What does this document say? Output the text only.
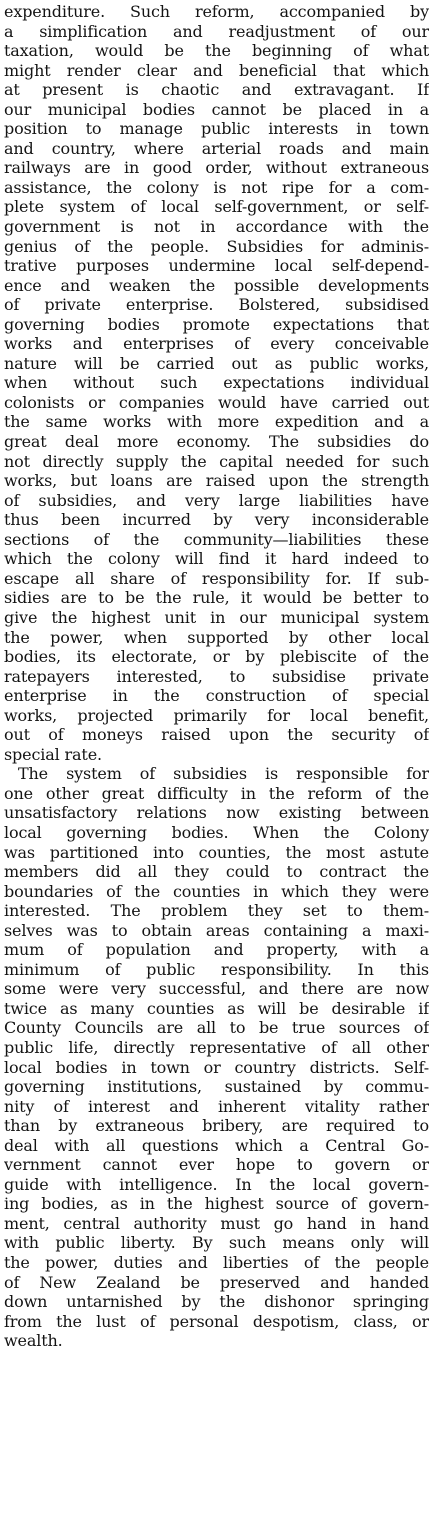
expenditure. Such reform, accompanied by
a simplification and readjustment of our
taxation, would be the beginning of what
might render clear and beneficial that which
at present is chaotic and extravagant. If
our municipal bodies cannot be placed in a
position to manage public interests in town
and country, where arterial roads and main
railways are in good order, without extraneous
assistance, the colony is not ripe for a com-
plete system of local self-government, or self-
government is not in accordance with the
genius of the people. Subsidies for adminis-
trative purposes undermine local self-depend-
ence and weaken the possible developments
of private enterprise. Bolstered, subsidised
governing bodies promote expectations that
works and enterprises of every conceivable
nature will be carried out as public works,
when without such expectations individual
colonists or companies would have carried out
the same works with more expedition and a
great deal more economy. The subsidies do
not directly supply the capital needed for such
works, but loans are raised upon the strength
of subsidies, and very large liabilities have
thus been incurred by very inconsiderable
sections of the community—liabilities these
which the colony will find it hard indeed to
escape all share of responsibility for. If sub-
sidies are to be the rule, it would be better to
give the highest unit in our municipal system
the power, when supported by other local
bodies, its electorate, or by plebiscite of the
ratepayers interested, to subsidise private
enterprise in the construction of special
works, projected primarily for local benefit,
out of moneys raised upon the security of
special rate.
The system of subsidies is responsible for
one other great difficulty in the reform of the
unsatisfactory relations now existing between
local governing bodies. When the Colony
was partitioned into counties, the most astute
members did all they could to contract the
boundaries of the counties in which they were
interested. The problem they set to them-
selves was to obtain areas containing a maxi-
mum of population and property, with a
minimum of public responsibility. In this
some were very successful, and there are now
twice as many counties as will be desirable if
County Councils are all to be true sources of
public life, directly representative of all other
local bodies in town or country districts. Self-
governing institutions, sustained by commu-
nity of interest and inherent vitality rather
than by extraneous bribery, are required to
deal with all questions which a Central Go-
vernment cannot ever hope to govern or
guide with intelligence. In the local govern-
ing bodies, as in the highest source of govern-
ment, central authority must go hand in hand
with public liberty. By such means only will
the power, duties and liberties of the people
of New Zealand be preserved and handed
down untarnished by the dishonor springing
from the lust of personal despotism, class, or
wealth.
